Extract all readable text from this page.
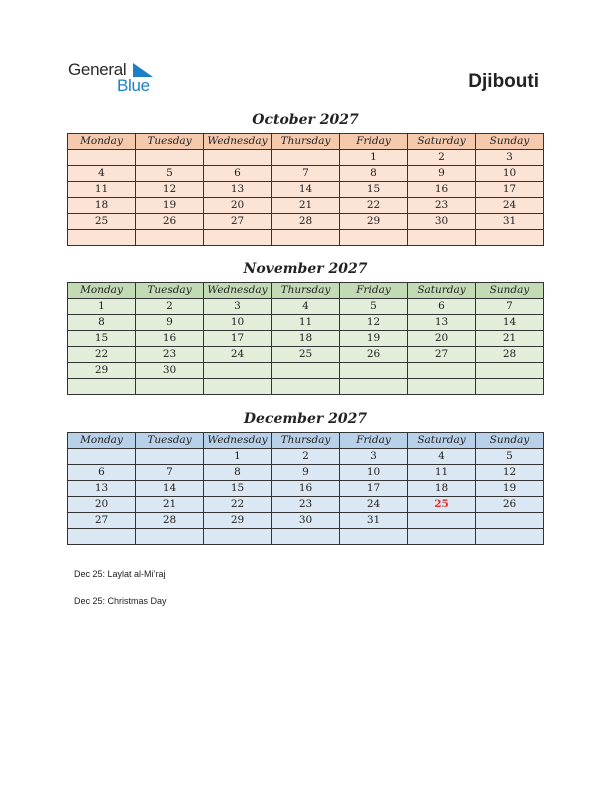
General
Blue	Djibouti
October 2027
Monday	Tuesday	Wednesday	Thursday	Friday	Saturday	Sunday
				1	2	3
4	5	6	7	8	9	10
11	12	13	14	15	16	17
18	19	20	21	22	23	24
25	26	27	28	29	30	31

November 2027
Monday	Tuesday	Wednesday	Thursday	Friday	Saturday	Sunday
1	2	3	4	5	6	7
8	9	10	11	12	13	14
15	16	17	18	19	20	21
22	23	24	25	26	27	28
29	30					

December 2027
Monday	Tuesday	Wednesday	Thursday	Friday	Saturday	Sunday
		1	2	3	4	5
6	7	8	9	10	11	12
13	14	15	16	17	18	19
20	21	22	23	24	25	26
27	28	29	30	31		

Dec 25: Laylat al-Mi’raj
Dec 25: Christmas Day
